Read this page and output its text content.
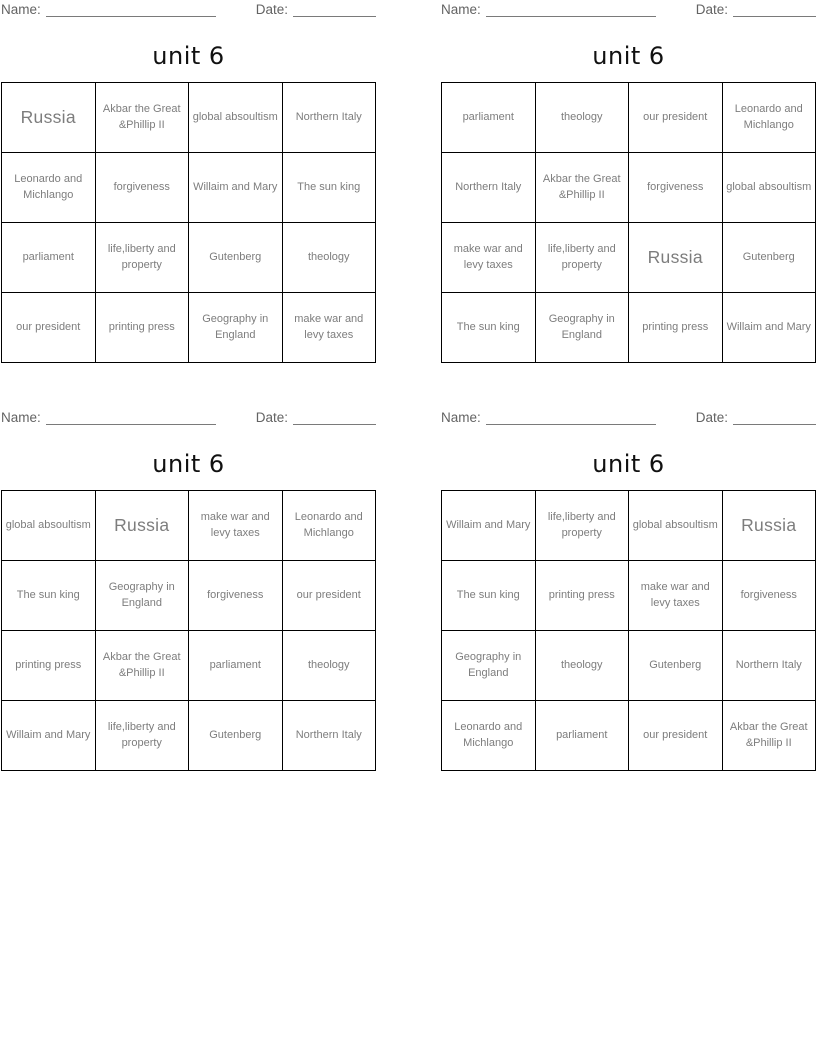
Name:	Date:
unit 6
Russia	Akbar the Great &Phillip II	global absoultism	Northern Italy
Leonardo and Michlango	forgiveness	Willaim and Mary	The sun king
parliament	life,liberty and property	Gutenberg	theology
our president	printing press	Geography in England	make war and levy taxes
Name:	Date:
unit 6
parliament	theology	our president	Leonardo and Michlango
Northern Italy	Akbar the Great &Phillip II	forgiveness	global absoultism
make war and levy taxes	life,liberty and property	Russia	Gutenberg
The sun king	Geography in England	printing press	Willaim and Mary
Name:	Date:
unit 6
global absoultism	Russia	make war and levy taxes	Leonardo and Michlango
The sun king	Geography in England	forgiveness	our president
printing press	Akbar the Great &Phillip II	parliament	theology
Willaim and Mary	life,liberty and property	Gutenberg	Northern Italy
Name:	Date:
unit 6
Willaim and Mary	life,liberty and property	global absoultism	Russia
The sun king	printing press	make war and levy taxes	forgiveness
Geography in England	theology	Gutenberg	Northern Italy
Leonardo and Michlango	parliament	our president	Akbar the Great &Phillip II
